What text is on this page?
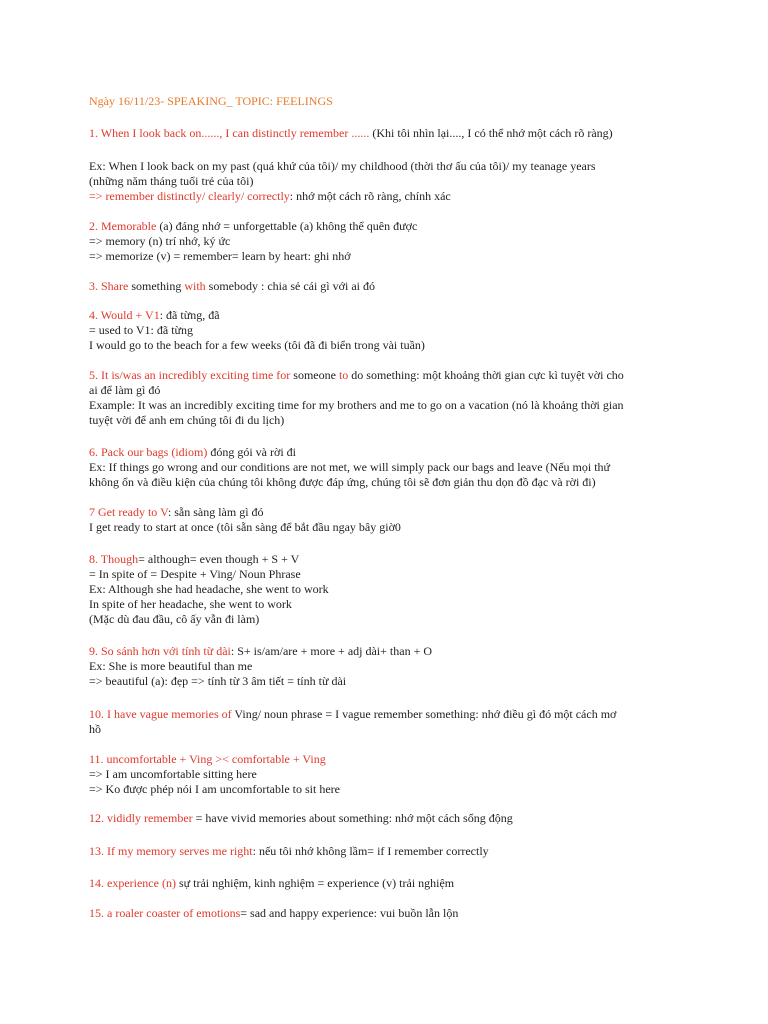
Ngày 16/11/23- SPEAKING_ TOPIC: FEELINGS
1. When I look back on......, I can distinctly remember ...... (Khi tôi nhìn lại...., I có thể nhớ một cách rõ ràng)
Ex: When I look back on my past (quá khứ của tôi)/ my childhood (thời thơ ấu của tôi)/ my teanage years
(những năm tháng tuổi trẻ của tôi)
=> remember distinctly/ clearly/ correctly: nhớ một cách rõ ràng, chính xác
2. Memorable (a) đáng nhớ = unforgettable (a) không thể quên được
=> memory (n) trí nhớ, ký ức
=> memorize (v) = remember= learn by heart: ghi nhớ
3. Share something with somebody : chia sẻ cái gì với ai đó
4. Would + V1: đã từng, đã
= used to V1: đã từng
I would go to the beach for a few weeks (tôi đã đi biển trong vài tuần)
5. It is/was an incredibly exciting time for someone to do something: một khoảng thời gian cực kì tuyệt vời cho
ai để làm gì đó
Example: It was an incredibly exciting time for my brothers and me to go on a vacation (nó là khoảng thời gian
tuyệt vời để anh em chúng tôi đi du lịch)
6. Pack our bags (idiom) đóng gói và rời đi
Ex: If things go wrong and our conditions are not met, we will simply pack our bags and leave (Nếu mọi thứ
không ổn và điều kiện của chúng tôi không được đáp ứng, chúng tôi sẽ đơn giản thu dọn đồ đạc và rời đi)
7 Get ready to V: sẵn sàng làm gì đó
I get ready to start at once (tôi sẵn sàng để bắt đầu ngay bây giờ0
8. Though= although= even though + S + V
= In spite of = Despite + Ving/ Noun Phrase
Ex: Although she had headache, she went to work
In spite of her headache, she went to work
(Mặc dù đau đầu, cô ấy vẫn đi làm)
9. So sánh hơn với tính từ dài: S+ is/am/are + more + adj dài+ than + O
Ex: She is more beautiful than me
=> beautiful (a): đẹp => tính từ 3 âm tiết = tính từ dài
10. I have vague memories of Ving/ noun phrase = I vague remember something: nhớ điều gì đó một cách mơ
hồ
11. uncomfortable + Ving >< comfortable + Ving
=> I am uncomfortable sitting here
=> Ko được phép nói I am uncomfortable to sit here
12. vididly remember = have vivid memories about something: nhớ một cách sống động
13. If my memory serves me right: nếu tôi nhớ không lầm= if I remember correctly
14. experience (n) sự trải nghiệm, kinh nghiệm = experience (v) trải nghiệm
15. a roaler coaster of emotions= sad and happy experience: vui buồn lẫn lộn
